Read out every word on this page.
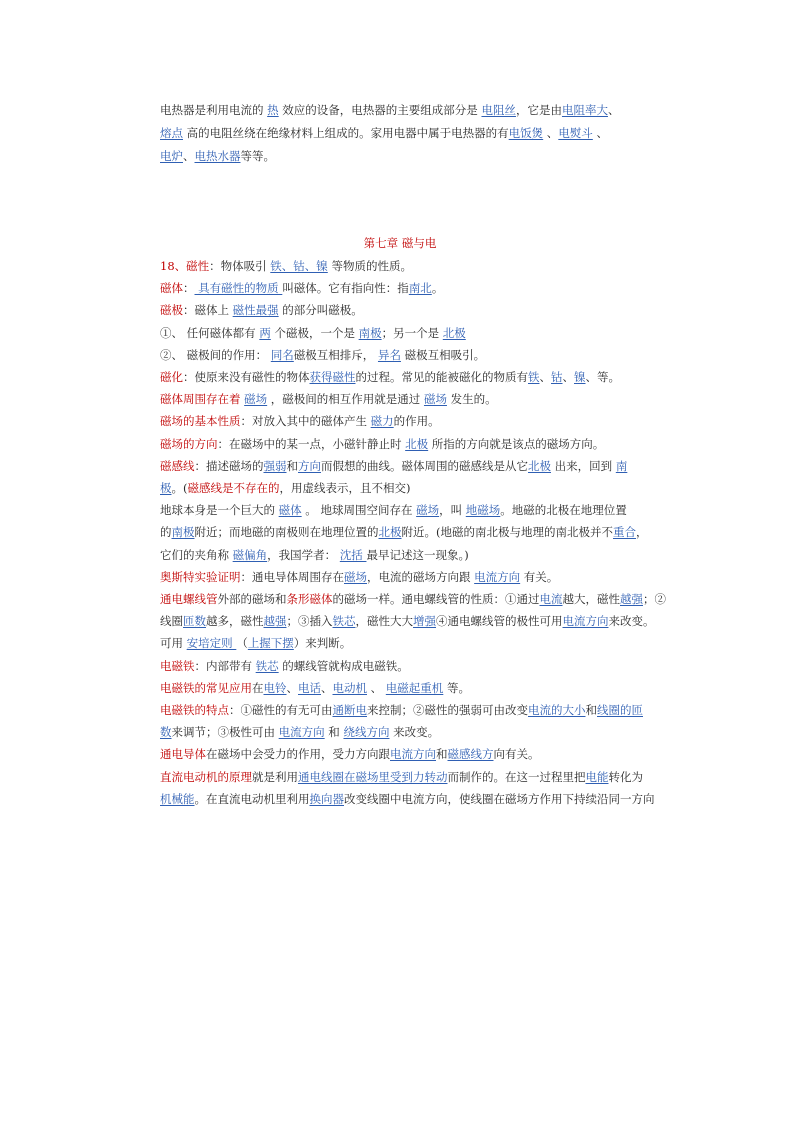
电热器是利用电流的 热 效应的设备，电热器的主要组成部分是 电阻丝，它是由电阻率大、
熔点 高的电阻丝绕在绝缘材料上组成的。家用电器中属于电热器的有电饭煲 、电熨斗 、
电炉、电热水器等等。
第七章 磁与电
18、磁性：物体吸引 铁、钴、镍 等物质的性质。
磁体： 具有磁性的物质 叫磁体。它有指向性：指南北。
磁极：磁体上 磁性最强 的部分叫磁极。
①、 任何磁体都有 两 个磁极，一个是 南极；另一个是 北极
②、 磁极间的作用： 同名磁极互相排斥， 异名 磁极互相吸引。
磁化：使原来没有磁性的物体获得磁性的过程。常见的能被磁化的物质有铁、钴、镍、等。
磁体周围存在着 磁场 ，磁极间的相互作用就是通过 磁场 发生的。
磁场的基本性质：对放入其中的磁体产生 磁力的作用。
磁场的方向：在磁场中的某一点，小磁针静止时 北极 所指的方向就是该点的磁场方向。
磁感线：描述磁场的强弱和方向而假想的曲线。磁体周围的磁感线是从它北极 出来，回到 南
极。(磁感线是不存在的，用虚线表示，且不相交)
地球本身是一个巨大的 磁体 。 地球周围空间存在 磁场，叫 地磁场。地磁的北极在地理位置
的南极附近；而地磁的南极则在地理位置的北极附近。(地磁的南北极与地理的南北极并不重合，
它们的夹角称 磁偏角，我国学者： 沈括 最早记述这一现象。)
奥斯特实验证明：通电导体周围存在磁场，电流的磁场方向跟 电流方向 有关。
通电螺线管外部的磁场和条形磁体的磁场一样。通电螺线管的性质：①通过电流越大，磁性越强；②
线圈匝数越多，磁性越强；③插入铁芯，磁性大大增强④通电螺线管的极性可用电流方向来改变。
可用 安培定则 （上握下摆）来判断。
电磁铁：内部带有 铁芯 的螺线管就构成电磁铁。
电磁铁的常见应用在电铃、电话、电动机 、 电磁起重机 等。
电磁铁的特点：①磁性的有无可由通断电来控制；②磁性的强弱可由改变电流的大小和线圈的匝
数来调节；③极性可由 电流方向 和 绕线方向 来改变。
通电导体在磁场中会受力的作用，受力方向跟电流方向和磁感线方向有关。
直流电动机的原理就是利用通电线圈在磁场里受到力转动而制作的。在这一过程里把电能转化为
机械能。在直流电动机里利用换向器改变线圈中电流方向，使线圈在磁场方作用下持续沿同一方向
